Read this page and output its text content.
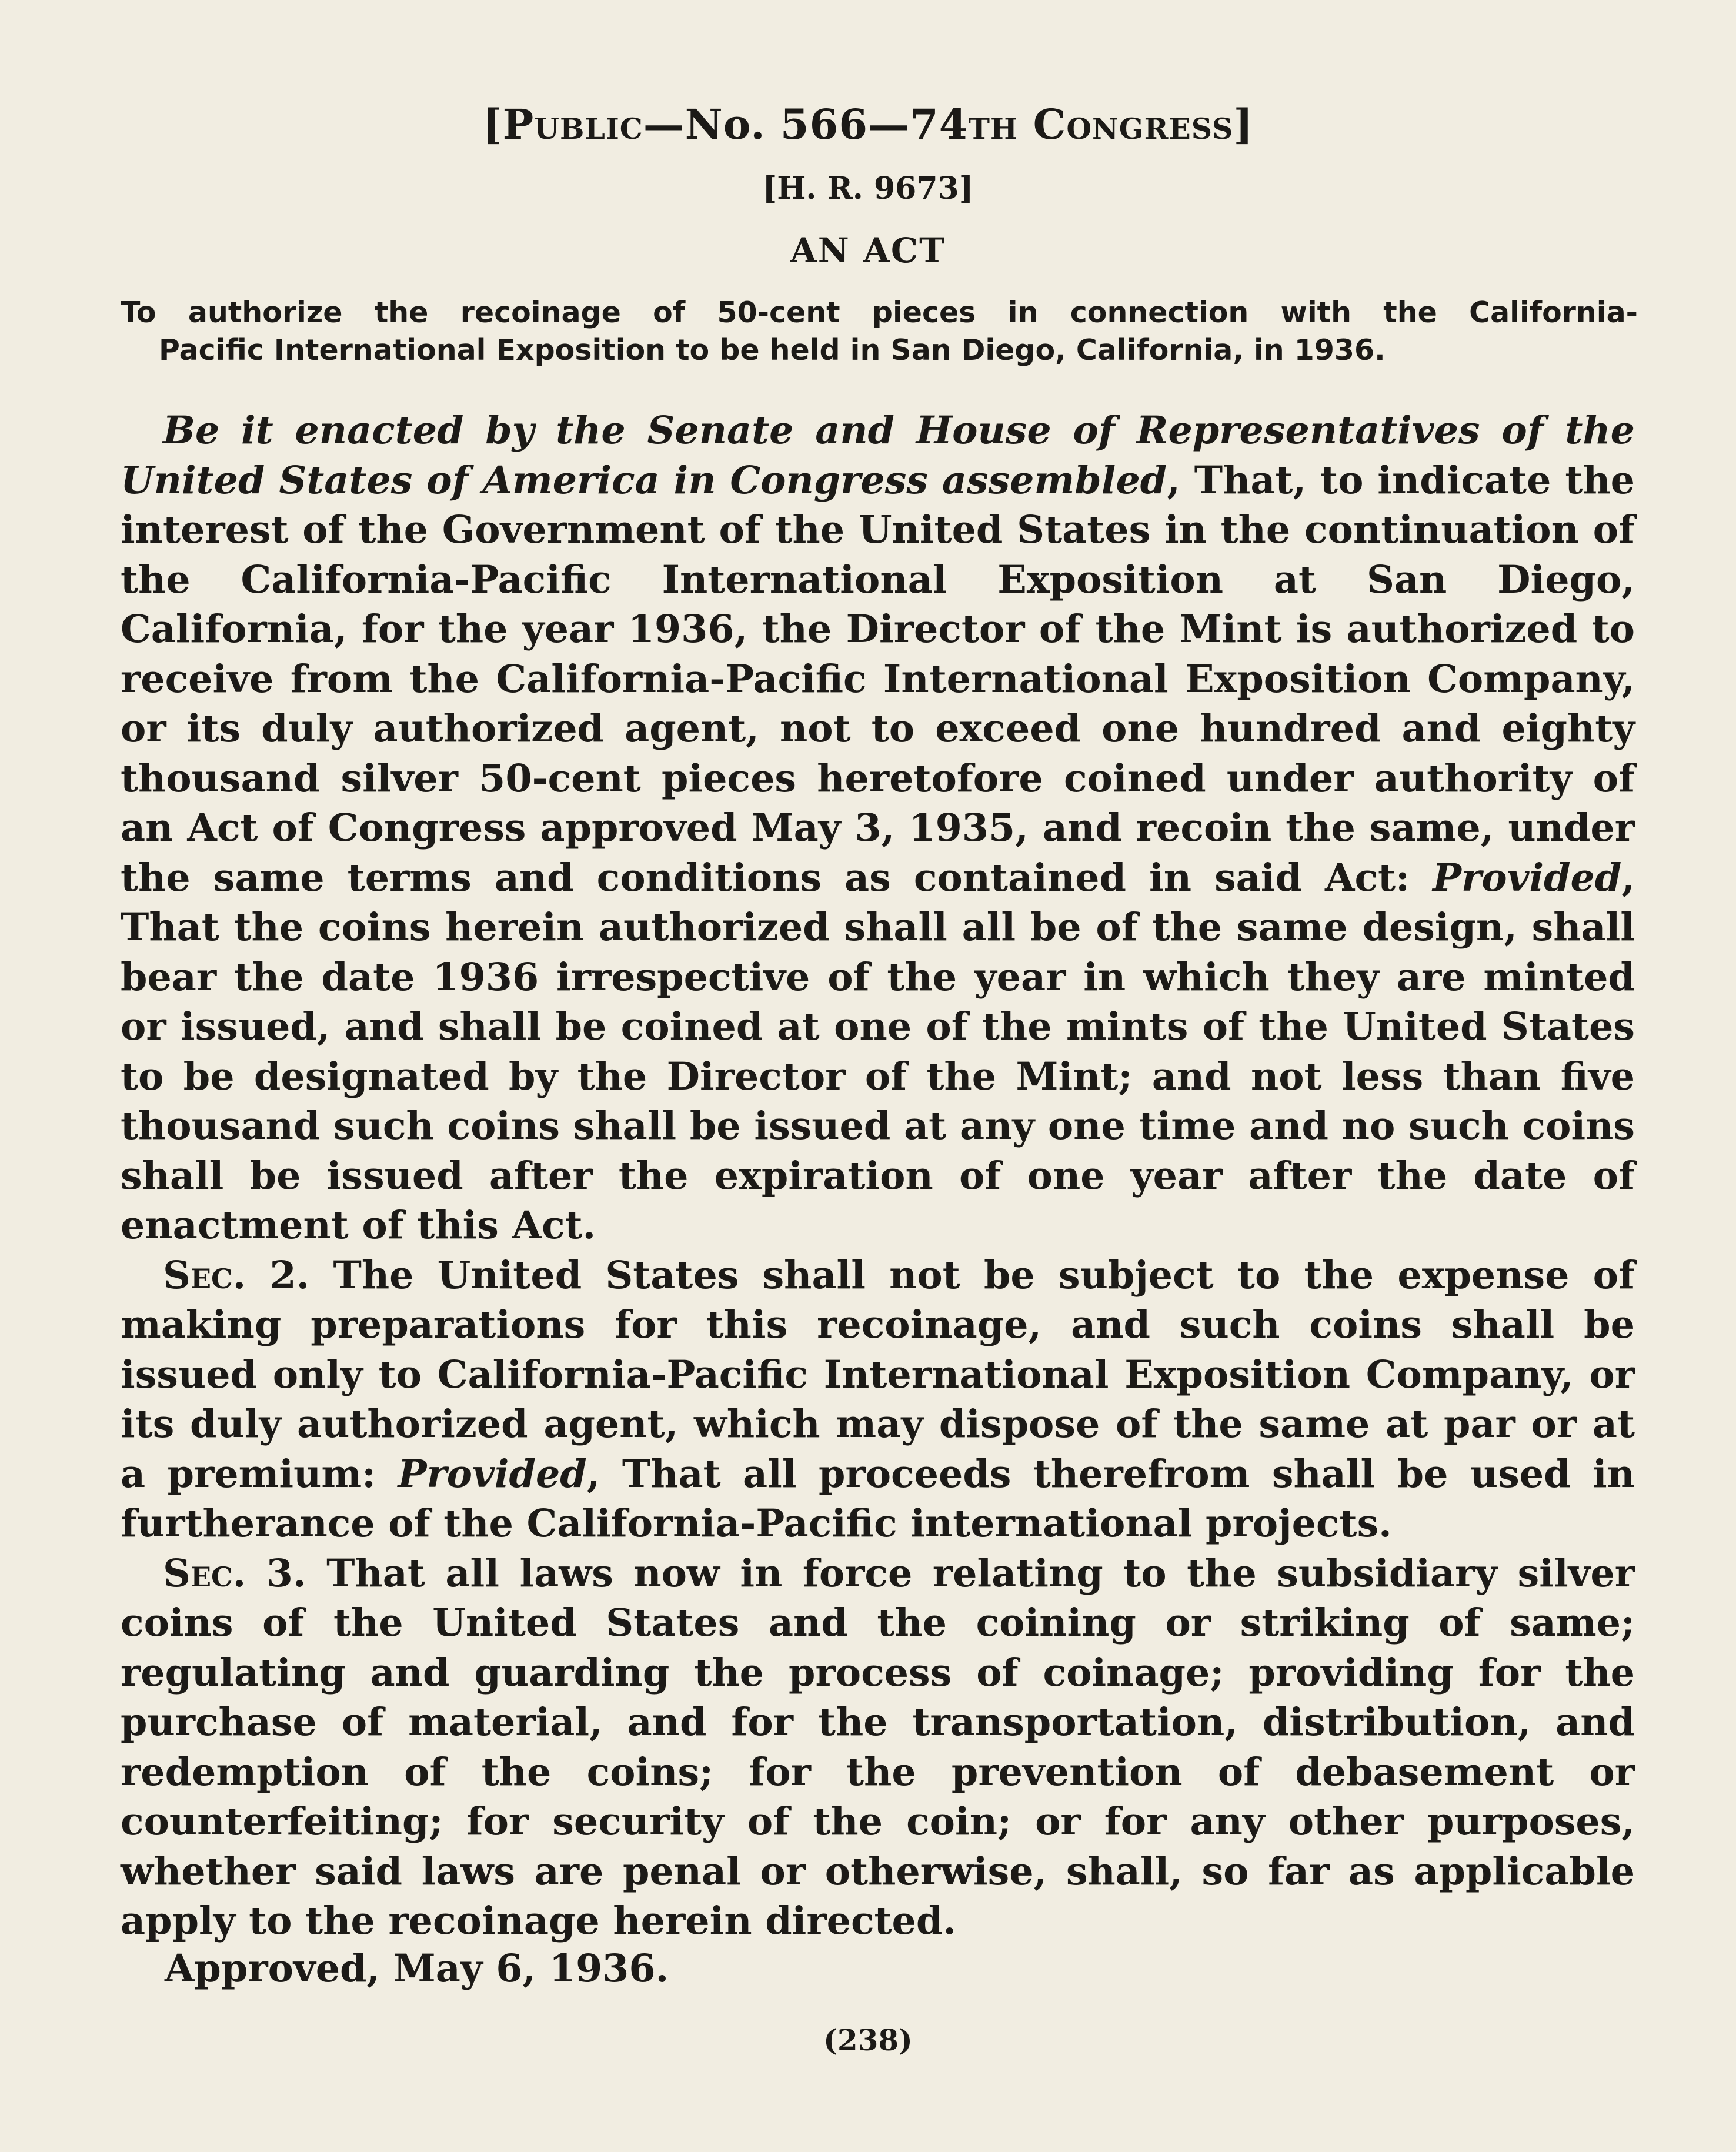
[Public—No. 566—74th Congress]
[H. R. 9673]
AN ACT
To authorize the recoinage of 50-cent pieces in connection with the California-
Pacific International Exposition to be held in San Diego, California, in 1936.

Be it enacted by the Senate and House of Representatives of the United States of America in Congress assembled, That, to indicate the interest of the Government of the United States in the continuation of the California-Pacific International Exposition at San Diego, California, for the year 1936, the Director of the Mint is authorized to receive from the California-Pacific International Exposition Company, or its duly authorized agent, not to exceed one hundred and eighty thousand silver 50-cent pieces heretofore coined under authority of an Act of Congress approved May 3, 1935, and recoin the same, under the same terms and conditions as contained in said Act: Provided, That the coins herein authorized shall all be of the same design, shall bear the date 1936 irrespective of the year in which they are minted or issued, and shall be coined at one of the mints of the United States to be designated by the Director of the Mint; and not less than five thousand such coins shall be issued at any one time and no such coins shall be issued after the expiration of one year after the date of enactment of this Act.

Sec. 2. The United States shall not be subject to the expense of making preparations for this recoinage, and such coins shall be issued only to California-Pacific International Exposition Company, or its duly authorized agent, which may dispose of the same at par or at a premium: Provided, That all proceeds therefrom shall be used in furtherance of the California-Pacific international projects.

Sec. 3. That all laws now in force relating to the subsidiary silver coins of the United States and the coining or striking of same; regulating and guarding the process of coinage; providing for the purchase of material, and for the transportation, distribution, and redemption of the coins; for the prevention of debasement or counterfeiting; for security of the coin; or for any other purposes, whether said laws are penal or otherwise, shall, so far as applicable apply to the recoinage herein directed.

Approved, May 6, 1936.
(238)
